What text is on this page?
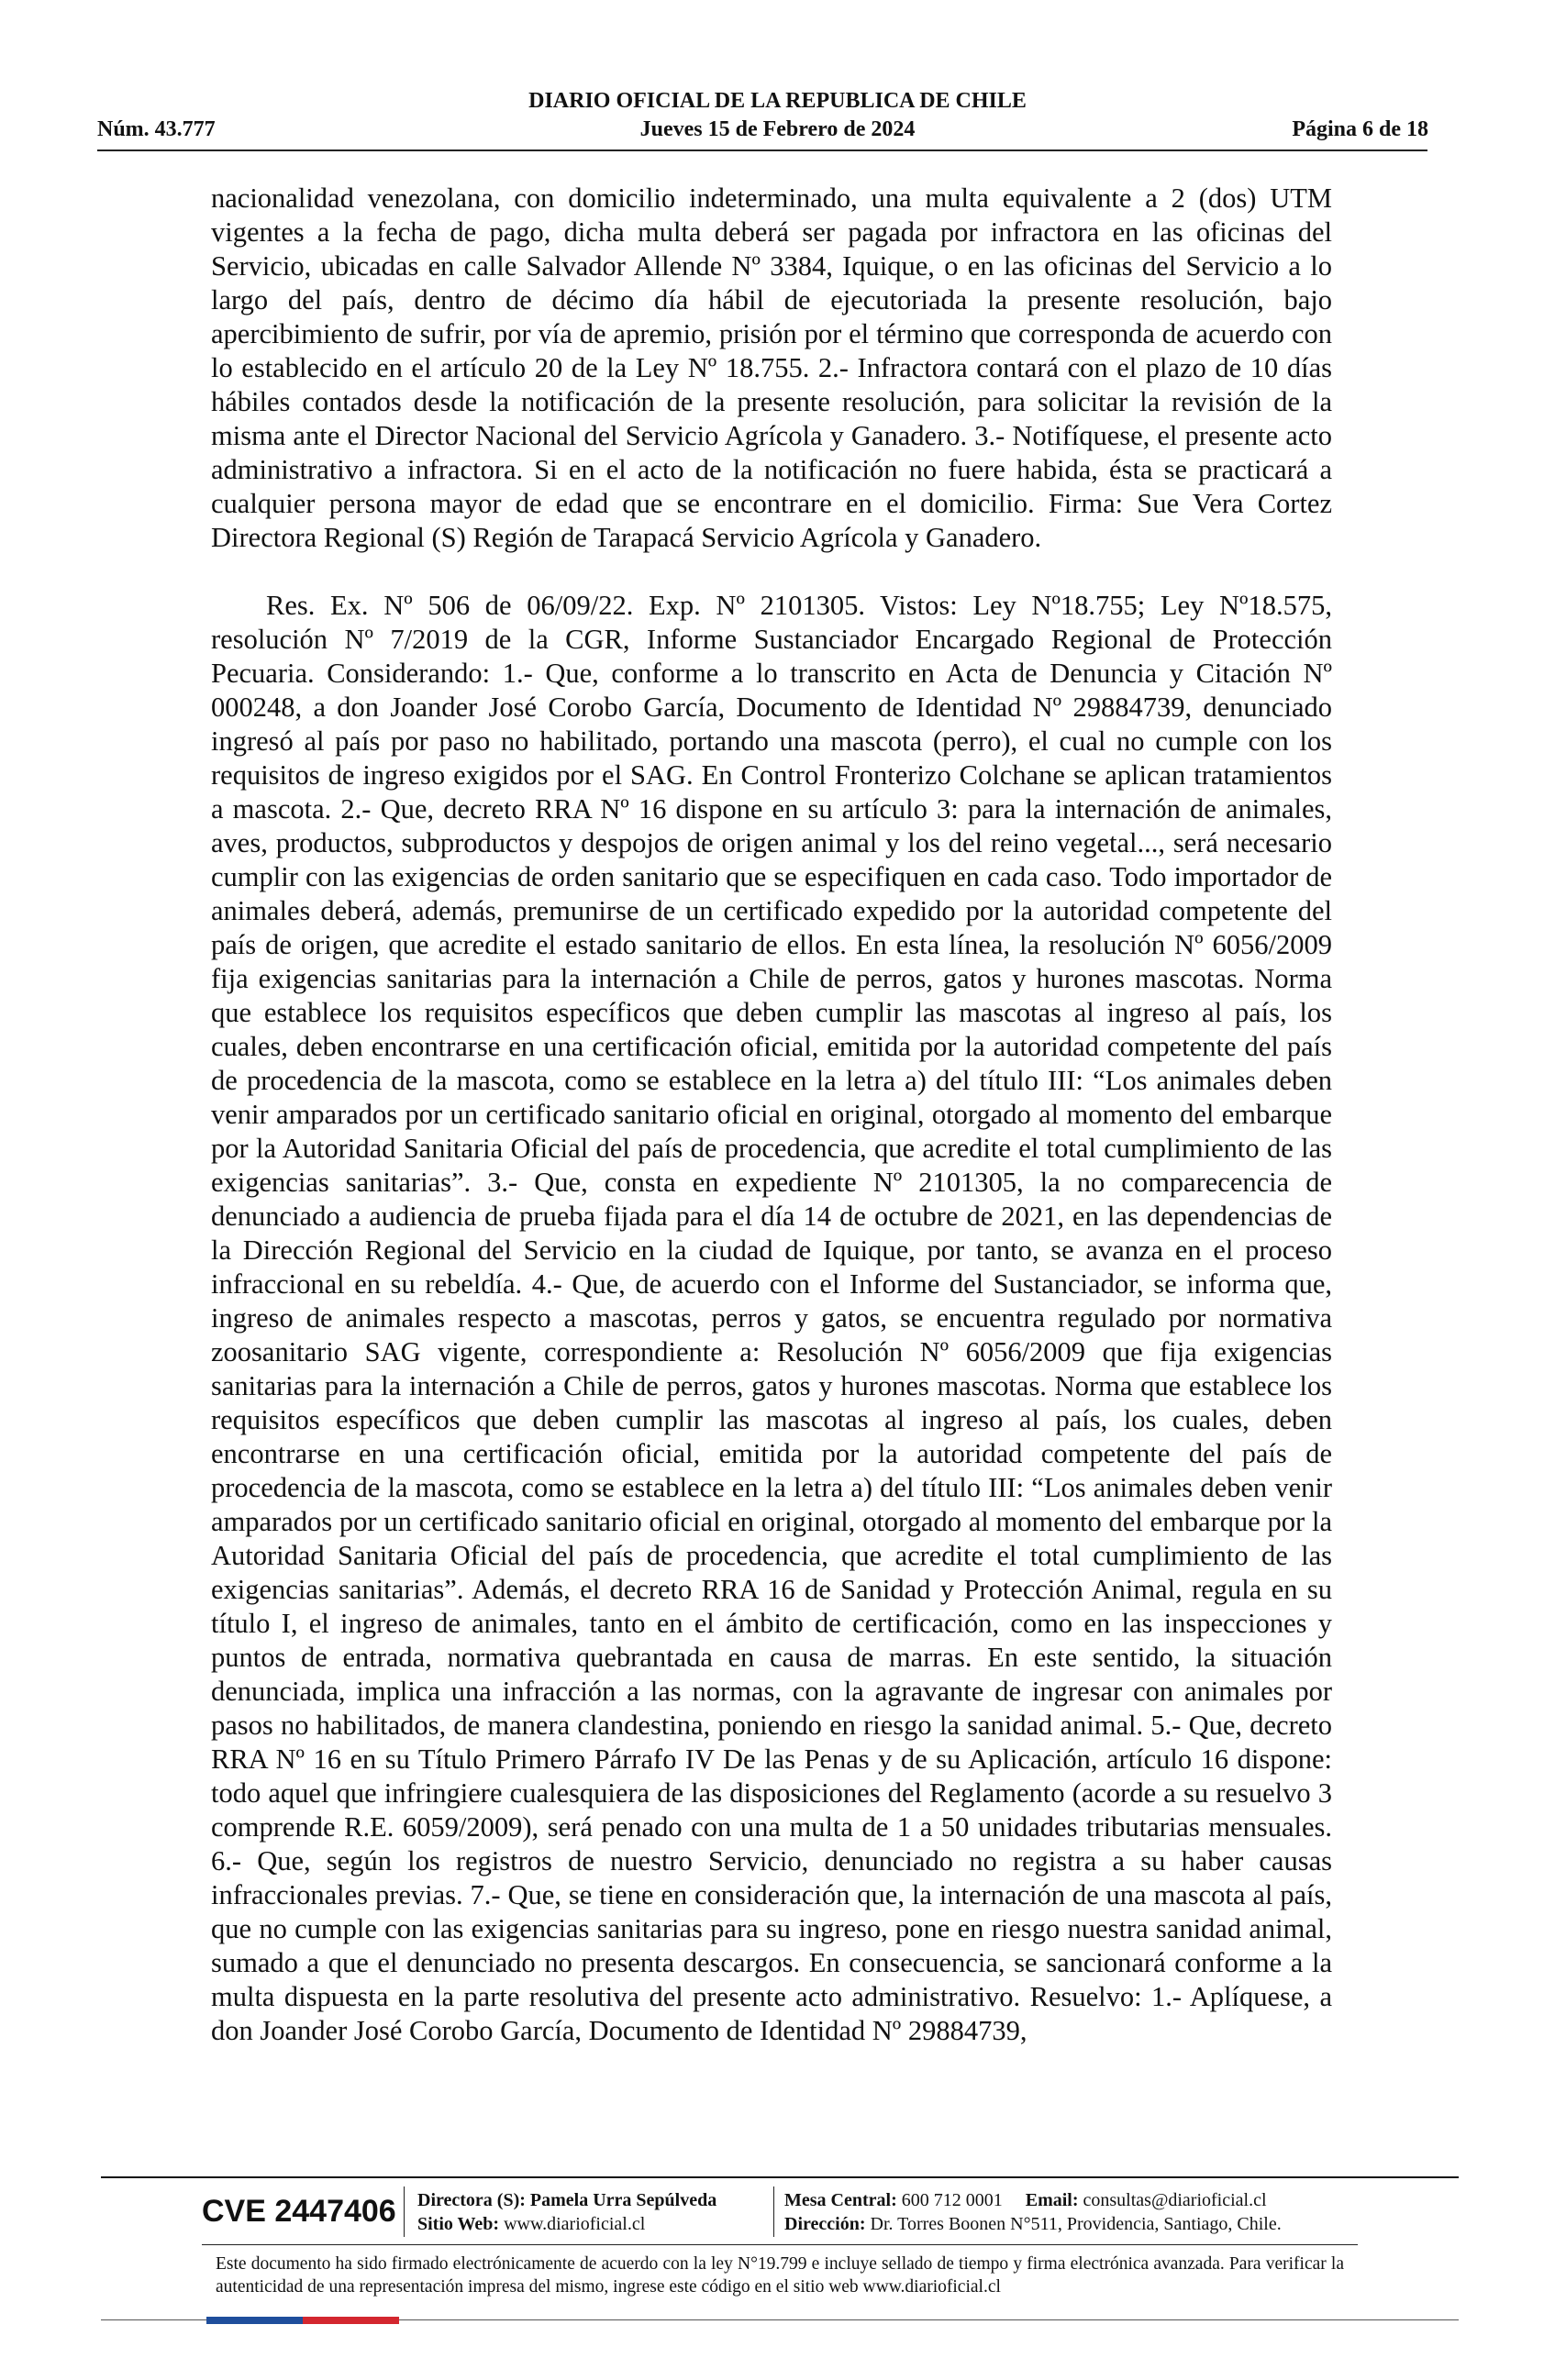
DIARIO OFICIAL DE LA REPUBLICA DE CHILE
Núm. 43.777	Jueves 15 de Febrero de 2024	Página 6 de 18

nacionalidad venezolana, con domicilio indeterminado, una multa equivalente a 2 (dos) UTM vigentes a la fecha de pago, dicha multa deberá ser pagada por infractora en las oficinas del Servicio, ubicadas en calle Salvador Allende Nº 3384, Iquique, o en las oficinas del Servicio a lo largo del país, dentro de décimo día hábil de ejecutoriada la presente resolución, bajo apercibimiento de sufrir, por vía de apremio, prisión por el término que corresponda de acuerdo con lo establecido en el artículo 20 de la Ley Nº 18.755. 2.- Infractora contará con el plazo de 10 días hábiles contados desde la notificación de la presente resolución, para solicitar la revisión de la misma ante el Director Nacional del Servicio Agrícola y Ganadero. 3.- Notifíquese, el presente acto administrativo a infractora. Si en el acto de la notificación no fuere habida, ésta se practicará a cualquier persona mayor de edad que se encontrare en el domicilio. Firma: Sue Vera Cortez Directora Regional (S) Región de Tarapacá Servicio Agrícola y Ganadero.

Res. Ex. Nº 506 de 06/09/22. Exp. Nº 2101305. Vistos: Ley Nº18.755; Ley Nº18.575, resolución Nº 7/2019 de la CGR, Informe Sustanciador Encargado Regional de Protección Pecuaria. Considerando: 1.- Que, conforme a lo transcrito en Acta de Denuncia y Citación Nº 000248, a don Joander José Corobo García, Documento de Identidad Nº 29884739, denunciado ingresó al país por paso no habilitado, portando una mascota (perro), el cual no cumple con los requisitos de ingreso exigidos por el SAG. En Control Fronterizo Colchane se aplican tratamientos a mascota. 2.- Que, decreto RRA Nº 16 dispone en su artículo 3: para la internación de animales, aves, productos, subproductos y despojos de origen animal y los del reino vegetal..., será necesario cumplir con las exigencias de orden sanitario que se especifiquen en cada caso. Todo importador de animales deberá, además, premunirse de un certificado expedido por la autoridad competente del país de origen, que acredite el estado sanitario de ellos. En esta línea, la resolución Nº 6056/2009 fija exigencias sanitarias para la internación a Chile de perros, gatos y hurones mascotas. Norma que establece los requisitos específicos que deben cumplir las mascotas al ingreso al país, los cuales, deben encontrarse en una certificación oficial, emitida por la autoridad competente del país de procedencia de la mascota, como se establece en la letra a) del título III: “Los animales deben venir amparados por un certificado sanitario oficial en original, otorgado al momento del embarque por la Autoridad Sanitaria Oficial del país de procedencia, que acredite el total cumplimiento de las exigencias sanitarias”. 3.- Que, consta en expediente Nº 2101305, la no comparecencia de denunciado a audiencia de prueba fijada para el día 14 de octubre de 2021, en las dependencias de la Dirección Regional del Servicio en la ciudad de Iquique, por tanto, se avanza en el proceso infraccional en su rebeldía. 4.- Que, de acuerdo con el Informe del Sustanciador, se informa que, ingreso de animales respecto a mascotas, perros y gatos, se encuentra regulado por normativa zoosanitario SAG vigente, correspondiente a: Resolución Nº 6056/2009 que fija exigencias sanitarias para la internación a Chile de perros, gatos y hurones mascotas. Norma que establece los requisitos específicos que deben cumplir las mascotas al ingreso al país, los cuales, deben encontrarse en una certificación oficial, emitida por la autoridad competente del país de procedencia de la mascota, como se establece en la letra a) del título III: “Los animales deben venir amparados por un certificado sanitario oficial en original, otorgado al momento del embarque por la Autoridad Sanitaria Oficial del país de procedencia, que acredite el total cumplimiento de las exigencias sanitarias”. Además, el decreto RRA 16 de Sanidad y Protección Animal, regula en su título I, el ingreso de animales, tanto en el ámbito de certificación, como en las inspecciones y puntos de entrada, normativa quebrantada en causa de marras. En este sentido, la situación denunciada, implica una infracción a las normas, con la agravante de ingresar con animales por pasos no habilitados, de manera clandestina, poniendo en riesgo la sanidad animal. 5.- Que, decreto RRA Nº 16 en su Título Primero Párrafo IV De las Penas y de su Aplicación, artículo 16 dispone: todo aquel que infringiere cualesquiera de las disposiciones del Reglamento (acorde a su resuelvo 3 comprende R.E. 6059/2009), será penado con una multa de 1 a 50 unidades tributarias mensuales. 6.- Que, según los registros de nuestro Servicio, denunciado no registra a su haber causas infraccionales previas. 7.- Que, se tiene en consideración que, la internación de una mascota al país, que no cumple con las exigencias sanitarias para su ingreso, pone en riesgo nuestra sanidad animal, sumado a que el denunciado no presenta descargos. En consecuencia, se sancionará conforme a la multa dispuesta en la parte resolutiva del presente acto administrativo. Resuelvo: 1.- Aplíquese, a don Joander José Corobo García, Documento de Identidad Nº 29884739,

CVE 2447406	Directora (S): Pamela Urra Sepúlveda
Sitio Web: www.diarioficial.cl
Mesa Central: 600 712 0001 Email: consultas@diarioficial.cl
Dirección: Dr. Torres Boonen N°511, Providencia, Santiago, Chile.
Este documento ha sido firmado electrónicamente de acuerdo con la ley N°19.799 e incluye sellado de tiempo y firma electrónica avanzada. Para verificar la autenticidad de una representación impresa del mismo, ingrese este código en el sitio web www.diarioficial.cl
